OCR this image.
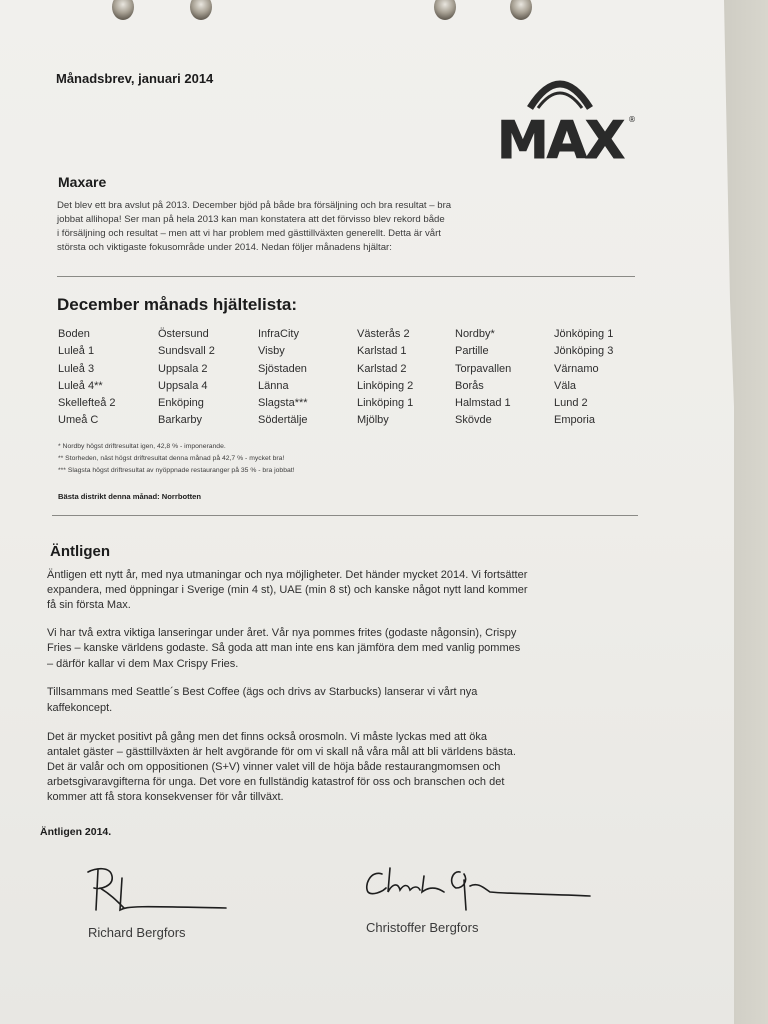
Månadsbrev, januari 2014
MAX ®
Maxare
Det blev ett bra avslut på 2013. December bjöd på både bra försäljning och bra resultat – bra
jobbat allihopa! Ser man på hela 2013 kan man konstatera att det förvisso blev rekord både
i försäljning och resultat – men att vi har problem med gästtillväxten generellt. Detta är vårt
största och viktigaste fokusområde under 2014. Nedan följer månadens hjältar:
December månads hjältelista:
Boden
Luleå 1
Luleå 3
Luleå 4**
Skellefteå 2
Umeå C
Östersund
Sundsvall 2
Uppsala 2
Uppsala 4
Enköping
Barkarby
InfraCity
Visby
Sjöstaden
Länna
Slagsta***
Södertälje
Västerås 2
Karlstad 1
Karlstad 2
Linköping 2
Linköping 1
Mjölby
Nordby*
Partille
Torpavallen
Borås
Halmstad 1
Skövde
Jönköping 1
Jönköping 3
Värnamo
Väla
Lund 2
Emporia
* Nordby högst driftresultat igen, 42,8 % - imponerande.
** Storheden, näst högst driftresultat denna månad på 42,7 % - mycket bra!
*** Slagsta högst driftresultat av nyöppnade restauranger på 35 % - bra jobbat!
Bästa distrikt denna månad: Norrbotten
Äntligen
Äntligen ett nytt år, med nya utmaningar och nya möjligheter. Det händer mycket 2014. Vi fortsätter
expandera, med öppningar i Sverige (min 4 st), UAE (min 8 st) och kanske något nytt land kommer
få sin första Max.
Vi har två extra viktiga lanseringar under året. Vår nya pommes frites (godaste någonsin), Crispy
Fries – kanske världens godaste. Så goda att man inte ens kan jämföra dem med vanlig pommes
– därför kallar vi dem Max Crispy Fries.
Tillsammans med Seattle´s Best Coffee (ägs och drivs av Starbucks) lanserar vi vårt nya
kaffekoncept.
Det är mycket positivt på gång men det finns också orosmoln. Vi måste lyckas med att öka
antalet gäster – gästtillväxten är helt avgörande för om vi skall nå våra mål att bli världens bästa.
Det är valår och om oppositionen (S+V) vinner valet vill de höja både restaurangmomsen och
arbetsgivaravgifterna för unga. Det vore en fullständig katastrof för oss och branschen och det
kommer att få stora konsekvenser för vår tillväxt.
Äntligen 2014.
Richard Bergfors	Christoffer Bergfors
